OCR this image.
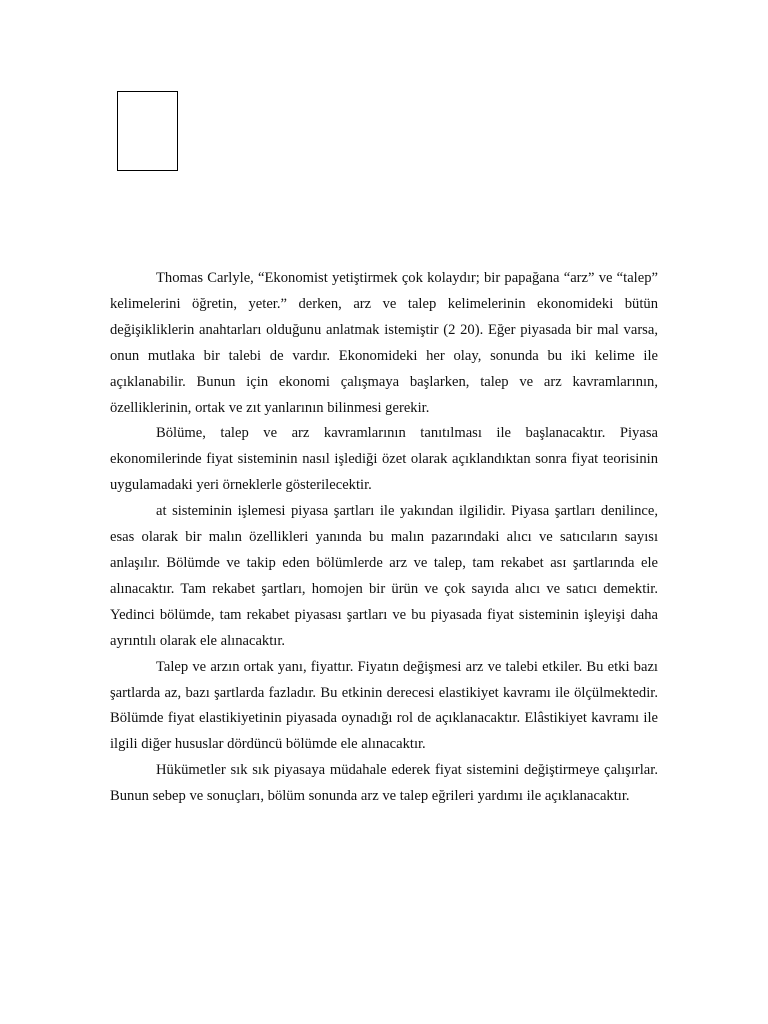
Thomas Carlyle, “Ekonomist yetiştirmek çok kolaydır; bir papağana “arz” ve “talep” kelimelerini öğretin, yeter.” derken, arz ve talep kelimelerinin ekonomideki bütün değişikliklerin anahtarları olduğunu anlatmak istemiştir (2 20). Eğer piyasada bir mal varsa, onun mutlaka bir talebi de vardır. Ekonomideki her olay, sonunda bu iki kelime ile açıklanabilir. Bunun için ekonomi çalışmaya başlarken, talep ve arz kavramlarının, özelliklerinin, ortak ve zıt yanlarının bilinmesi gerekir.

Bölüme, talep ve arz kavramlarının tanıtılması ile başlanacaktır. Piyasa ekonomilerinde fiyat sisteminin nasıl işlediği özet olarak açıklandıktan sonra fiyat teorisinin uygulamadaki yeri örneklerle gösterilecektir.

at sisteminin işlemesi piyasa şartları ile yakından ilgilidir. Piyasa şartları denilince, esas olarak bir malın özellikleri yanında bu malın pazarındaki alıcı ve satıcıların sayısı anlaşılır. Bölümde ve takip eden bölümlerde arz ve talep, tam rekabet asɪ şartlarında ele alınacaktır. Tam rekabet şartları, homojen bir ürün ve çok sayıda alıcı ve satıcı demektir. Yedinci bölümde, tam rekabet piyasası şartları ve bu piyasada fiyat sisteminin işleyişi daha ayrıntılı olarak ele alınacaktır.

Talep ve arzın ortak yanı, fiyattır. Fiyatın değişmesi arz ve talebi etkiler. Bu etki bazı şartlarda az, bazı şartlarda fazladır. Bu etkinin derecesi elastikiyet kavramı ile ölçülmektedir. Bölümde fiyat elastikiyetinin piyasada oynadığı rol de açıklanacaktır. Elâstikiyet kavramı ile ilgili diğer hususlar dördüncü bölümde ele alınacaktır.

Hükümetler sık sık piyasaya müdahale ederek fiyat sistemini değiştirmeye çalışırlar. Bunun sebep ve sonuçları, bölüm sonunda arz ve talep eğrileri yardımı ile açıklanacaktır.
